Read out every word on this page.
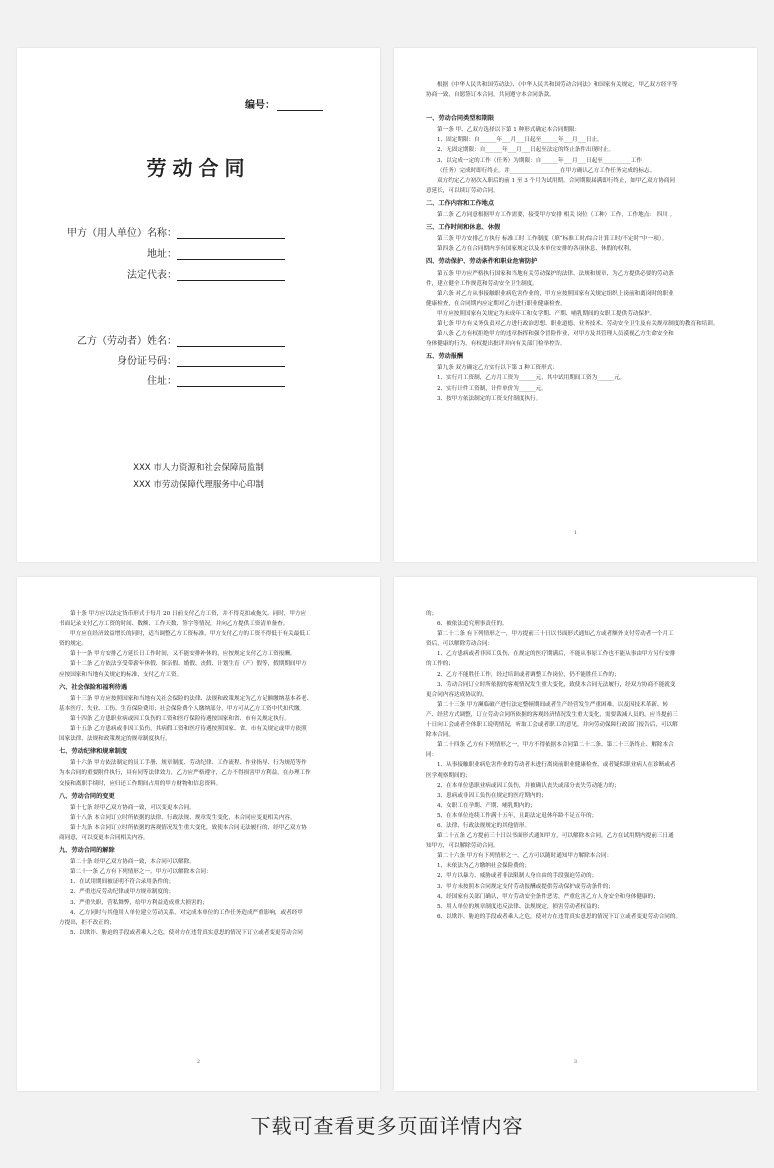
编号：
劳动合同
甲方（用人单位）名称：
地址：
法定代表：
乙方（劳动者）姓名：
身份证号码：
住址：
XXX 市人力资源和社会保障局监制
XXX 市劳动保障代理服务中心印制

根据《中华人民共和国劳动法》、《中华人民共和国劳动合同法》和国家有关规定，甲乙双方经平等

协商一致，自愿签订本合同，共同遵守本合同条款。

一、劳动合同类型和期限

第一条 甲、乙双方选择以下第 1 种形式确定本合同期限：

1、固定期限：自______年___月___日起至______年___月___日止。

2、无固定期限：自______年___月___日起至法定的终止条件出现时止。

3、以完成一定的工作（任务）为期限：自______年___月___日起至__________工作

（任务）完成时即行终止。并__________________在甲方确认乙方工作任务完成的标志。

双方约定乙方初次入职后的前 1 至 3 个月为试用期。合同期限届满即行终止，如甲乙双方协商同

意延长，可以续订劳动合同。

二、工作内容和工作地点

第二条 乙方同意根据甲方工作需要，接受甲方安排 相关 岗位（工种）工作，工作地点： 四川 。

三、工作时间和休息、休假

第三条 甲方安排乙方执行 标准工时 工作制度（填“标准工时/综合计算工时/不定时”中一项）。

第四条 乙方在合同期内享有国家规定以及本单位安排的各项休息、休假的权利。

四、劳动保护、劳动条件和职业危害防护

第五条 甲方应严格执行国家和当地有关劳动保护的法律、法规和规章，为乙方提供必要的劳动条

件，建立健全工作规范和劳动安全卫生制度。

第六条 对乙方从事接触职业病危害作业的，甲方应按照国家有关规定组织上岗前和离岗时的职业

健康检查，在合同期内应定期对乙方进行职业健康检查。

甲方应按照国家有关规定为未成年工和女学期、产期、哺乳期间的女职工提供劳动保护。

第七条 甲方有义务负责对乙方进行政治思想、职业道德、业务技术、劳动安全卫生及有关规章制度的教育和培训。

第八条 乙方有权拒绝甲方的违章指挥和强令冒险作业，对甲方及其管理人员漠视乙方生命安全和

身体健康的行为，有权提出批评并向有关部门检举控告。

五、劳动报酬

第九条 双方确定乙方实行以下第 3 种工资形式：

1、实行月工资制，乙方月工资为______元，其中试用期间工资为______元。

2、实行计件工资制，计件单价为______元。

3、按甲方依法制定的工资支付制度执行。

1

第十条 甲方应以法定货币形式于每月 20 日前支付乙方工资，并不得克扣或拖欠。同时，甲方应

书面记录支付乙方工资的时间、数额、工作天数、签字等情况，并向乙方提供工资清单备查。

甲方应在经济效益增长的同时，适当调整乙方工资标准，甲方支付乙方的工资不得低于有关最低工

资的规定。

第十一条 甲方安排乙方延长日工作时间，又不能安排补休的，应按规定支付乙方工资报酬。

第十二条 乙方依法享受带薪年休假、探亲假、婚假、丧假、计划生育（产）假等，假期期间甲方

应按国家和当地有关规定的标准，支付乙方工资。

六、社会保险和福利待遇

第十三条 甲方应按照国家和当地有关社会保险的法律、法规和政策规定为乙方足额缴纳基本养老、

基本医疗、失业、工伤、生育保险费用；社会保险费个人缴纳部分，甲方可从乙方工资中代扣代缴。

第十四条 乙方患职业病或因工负伤的工资和医疗保险待遇按国家和省、市有关规定执行。

第十五条 乙方患病或非因工负伤，其病假工资和医疗待遇按照国家、省、市有关规定或甲方依照

国家法律、法规和政策规定的规章制度执行。

七、劳动纪律和规章制度

第十六条 甲方依法制定的员工手册、规章制度、劳动纪律、工作流程、作业指导、行为规范等作

为本合同的重要附件执行，具有同等法律效力，乙方应严格遵守，乙方不得损害甲方利益，在办理工作

交接和离职手续时，应归还工作期间占用的甲方财物和信息资料。

八、劳动合同的变更

第十七条 经甲乙双方协商一致，可以变更本合同。

第十八条 本合同订立时所依据的法律、行政法规、规章发生变化，本合同应变更相关内容。

第十九条 本合同订立时所依据的客观情况发生重大变化，致使本合同无法履行的，经甲乙双方协

商同意，可以变更本合同相关内容。

九、劳动合同的解除

第二十条 经甲乙双方协商一致，本合同可以解除。

第二十一条 乙方有下列情形之一，甲方可以解除本合同：

1、在试用期间被证明不符合录用条件的；

2、严重违反劳动纪律或甲方规章制度的；

3、严重失职，营私舞弊，给甲方利益造成重大损害的；

4、乙方同时与其他用人单位建立劳动关系，对完成本单位的工作任务造成严重影响，或者经甲

方提出，拒不改正的；

5、以欺诈、胁迫的手段或者乘人之危，使对方在违背真实意思的情况下订立或者变更劳动合同

2

的；

6、被依法追究刑事责任的。

第二十二条 有下列情形之一，甲方提前三十日以书面形式通知乙方或者额外支付劳动者一个月工

资后，可以解除劳动合同：

1、乙方患病或者非因工负伤，在规定的医疗期满后，不能从事原工作也不能从事由甲方另行安排

的工作的；

2、乙方不能胜任工作，经过培训或者调整工作岗位，仍不能胜任工作的；

3、劳动合同订立时所依据的客观情况发生重大变化，致使本合同无法履行，经双方协商不能就变

更合同内容达成协议的。

第二十三条 甲方濒临破产进行法定整顿期间或者生产经营发生严重困难，以及因技术革新、转

产、经营方式调整，订立劳动合同所依据的客观经济情况发生重大变化，需要裁减人员的，应当提前三

十日向工会或者全体职工说明情况，听取工会或者职工的意见，并向劳动保障行政部门报告后，可以解

除本合同。

第二十四条 乙方有下列情形之一，甲方不得依据本合同第二十二条、第二十三条终止、解除本合

同：

1、从事接触职业病危害作业的劳动者未进行离岗前职业健康检查，或者疑似职业病人在诊断或者

医学观察期间的；

2、在本单位患职业病或因工负伤，并被确认丧失或部分丧失劳动能力的；

3、患病或非因工负伤在规定的医疗期内的；

4、女职工在孕期、产期、哺乳期内的；

5、在本单位连续工作满十五年，且距法定退休年龄不足五年的；

6、法律、行政法规规定的其他情形。

第二十五条 乙方提前三十日以书面形式通知甲方，可以解除本合同。乙方在试用期内提前三日通

知甲方，可以解除劳动合同。

第二十六条 甲方有下列情形之一，乙方可以随时通知甲方解除本合同：

1、未依法为乙方缴纳社会保险费的；

2、甲方以暴力、威胁或者非法限制人身自由的手段强迫劳动的；

3、甲方未按照本合同规定支付劳动报酬或提供劳动保护或劳动条件的；

4、经国家有关部门确认，甲方劳动安全条件恶劣，严重危害乙方人身安全和身体健康的；

5、用人单位的规章制度违反法律、法规规定，损害劳动者权益的；

6、以欺诈、胁迫的手段或者乘人之危，使对方在违背真实意思的情况下订立或者变更劳动合同的。

3
下载可查看更多页面详情内容
